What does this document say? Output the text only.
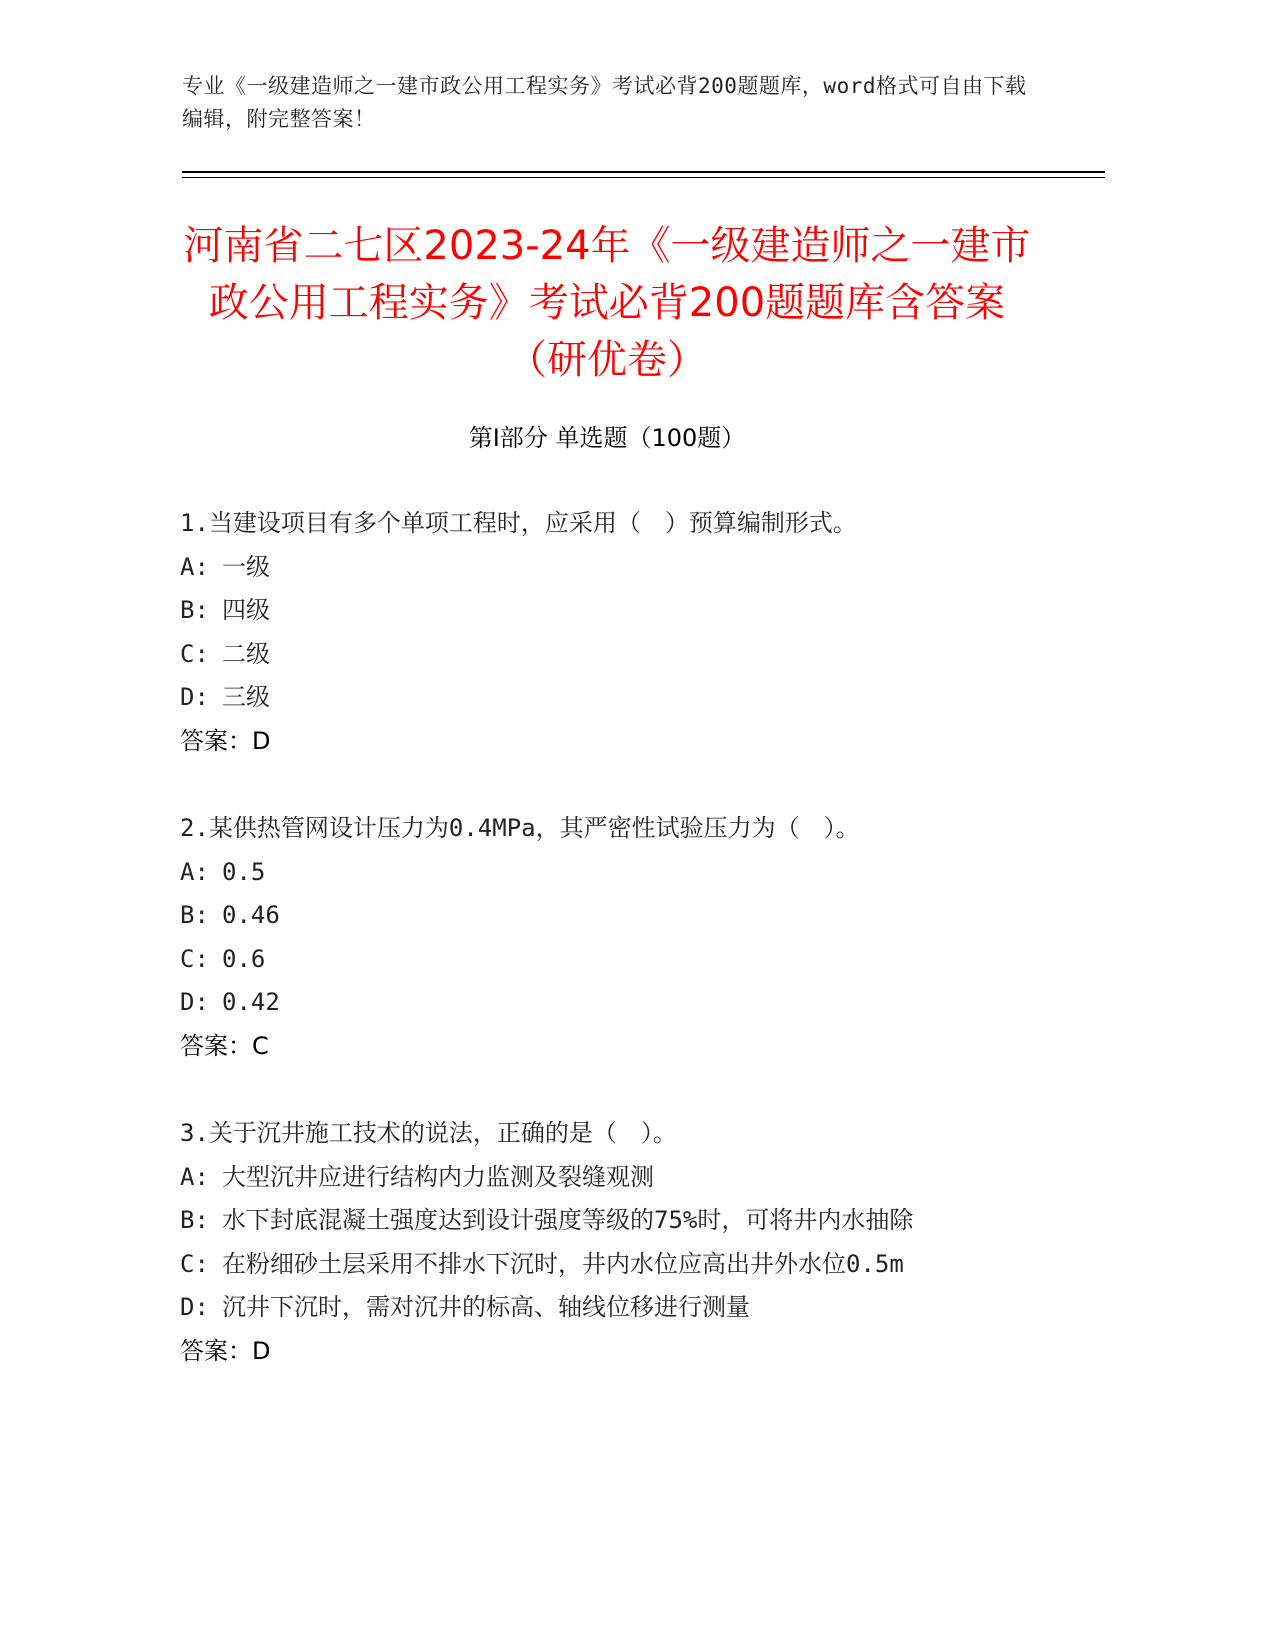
专业《一级建造师之一建市政公用工程实务》考试必背200题题库，word格式可自由下载编辑，附完整答案！
河南省二七区2023-24年《一级建造师之一建市政公用工程实务》考试必背200题题库含答案（研优卷）
第I部分 单选题（100题）
1.当建设项目有多个单项工程时，应采用（　）预算编制形式。
A: 一级
B: 四级
C: 二级
D: 三级
答案：D
2.某供热管网设计压力为0.4MPa，其严密性试验压力为（　）。
A: 0.5
B: 0.46
C: 0.6
D: 0.42
答案：C
3.关于沉井施工技术的说法，正确的是（　）。
A: 大型沉井应进行结构内力监测及裂缝观测
B: 水下封底混凝土强度达到设计强度等级的75%时，可将井内水抽除
C: 在粉细砂土层采用不排水下沉时，井内水位应高出井外水位0.5m
D: 沉井下沉时，需对沉井的标高、轴线位移进行测量
答案：D
